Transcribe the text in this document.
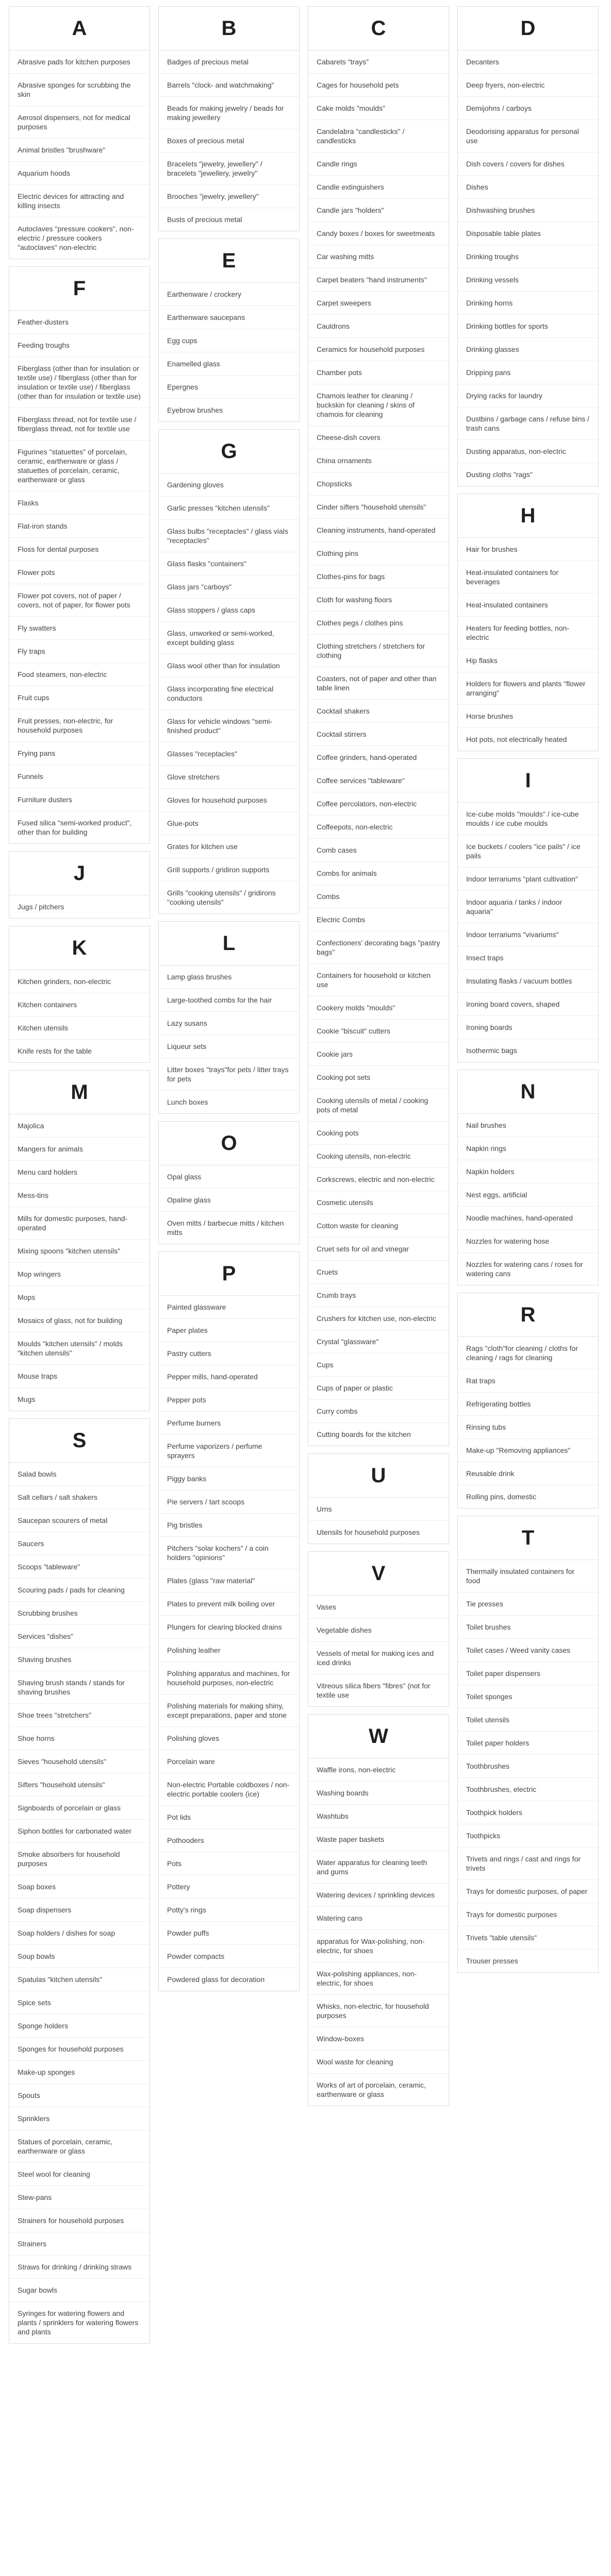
A
Abrasive pads for kitchen purposes
Abrasive sponges for scrubbing the skin
Aerosol dispensers, not for medical purposes
Animal bristles "brushware"
Aquarium hoods
Electric devices for attracting and killing insects
Autoclaves "pressure cookers", non-electric / pressure cookers "autoclaves" non-electric
F
Feather-dusters
Feeding troughs
Fiberglass (other than for insulation or textile use) / fiberglass (other than for insulation or textile use) / fiberglass (other than for insulation or textile use)
Fiberglass thread, not for textile use / fiberglass thread, not for textile use
Figurines "statuettes" of porcelain, ceramic, earthenware or glass / statuettes of porcelain, ceramic, earthenware or glass
Flasks
Flat-iron stands
Floss for dental purposes
Flower pots
Flower pot covers, not of paper / covers, not of paper, for flower pots
Fly swatters
Fly traps
Food steamers, non-electric
Fruit cups
Fruit presses, non-electric, for household purposes
Frying pans
Funnels
Furniture dusters
Fused silica "semi-worked product", other than for building
J
Jugs / pitchers
K
Kitchen grinders, non-electric
Kitchen containers
Kitchen utensils
Knife rests for the table
M
Majolica
Mangers for animals
Menu card holders
Mess-tins
Mills for domestic purposes, hand-operated
Mixing spoons "kitchen utensils"
Mop wringers
Mops
Mosaics of glass, not for building
Moulds "kitchen utensils" / molds "kitchen utensils"
Mouse traps
Mugs
S
Salad bowls
Salt cellars / salt shakers
Saucepan scourers of metal
Saucers
Scoops "tableware"
Scouring pads / pads for cleaning
Scrubbing brushes
Services "dishes"
Shaving brushes
Shaving brush stands / stands for shaving brushes
Shoe trees "stretchers"
Shoe horns
Sieves "household utensils"
Sifters "household utensils"
Signboards of porcelain or glass
Siphon bottles for carbonated water
Smoke absorbers for household purposes
Soap boxes
Soap dispensers
Soap holders / dishes for soap
Soup bowls
Spatulas "kitchen utensils"
Spice sets
Sponge holders
Sponges for household purposes
Make-up sponges
Spouts
Sprinklers
Statues of porcelain, ceramic, earthenware or glass
Steel wool for cleaning
Stew-pans
Strainers for household purposes
Strainers
Straws for drinking / drinking straws
Sugar bowls
Syringes for watering flowers and plants / sprinklers for watering flowers and plants
B
Badges of precious metal
Barrels "clock- and watchmaking"
Beads for making jewelry / beads for making jewellery
Boxes of precious metal
Bracelets "jewelry, jewellery" / bracelets "jewellery, jewelry"
Brooches "jewelry, jewellery"
Busts of precious metal
E
Earthenware / crockery
Earthenware saucepans
Egg cups
Enamelled glass
Epergnes
Eyebrow brushes
G
Gardening gloves
Garlic presses "kitchen utensils"
Glass bulbs "receptacles" / glass vials "receptacles"
Glass flasks "containers"
Glass jars "carboys"
Glass stoppers / glass caps
Glass, unworked or semi-worked, except building glass
Glass wool other than for insulation
Glass incorporating fine electrical conductors
Glass for vehicle windows "semi-finished product"
Glasses "receptacles"
Glove stretchers
Gloves for household purposes
Glue-pots
Grates for kitchen use
Grill supports / gridiron supports
Grills "cooking utensils" / gridirons "cooking utensils"
L
Lamp glass brushes
Large-toothed combs for the hair
Lazy susans
Liqueur sets
Litter boxes "trays"for pets / litter trays for pets
Lunch boxes
O
Opal glass
Opaline glass
Oven mitts / barbecue mitts / kitchen mitts
P
Painted glassware
Paper plates
Pastry cutters
Pepper mills, hand-operated
Pepper pots
Perfume burners
Perfume vaporizers / perfume sprayers
Piggy banks
Pie servers / tart scoops
Pig bristles
Pitchers "solar kochers" / a coin holders "opinions"
Plates (glass "raw material"
Plates to prevent milk boiling over
Plungers for clearing blocked drains
Polishing leather
Polishing apparatus and machines, for household purposes, non-electric
Polishing materials for making shiny, except preparations, paper and stone
Polishing gloves
Porcelain ware
Non-electric Portable coldboxes / non-electric portable coolers (ice)
Pot lids
Pothooders
Pots
Pottery
Potty's rings
Powder puffs
Powder compacts
Powdered glass for decoration
C
Cabarets "trays"
Cages for household pets
Cake molds "moulds"
Candelabra "candlesticks" / candlesticks
Candle rings
Candle extinguishers
Candle jars "holders"
Candy boxes / boxes for sweetmeats
Car washing mitts
Carpet beaters "hand instruments"
Carpet sweepers
Cauldrons
Ceramics for household purposes
Chamber pots
Chamois leather for cleaning / buckskin for cleaning / skins of chamois for cleaning
Cheese-dish covers
China ornaments
Chopsticks
Cinder sifters "household utensils"
Cleaning instruments, hand-operated
Clothing pins
Clothes-pins for bags
Cloth for washing floors
Clothes pegs / clothes pins
Clothing stretchers / stretchers for clothing
Coasters, not of paper and other than table linen
Cocktail shakers
Cocktail stirrers
Coffee grinders, hand-operated
Coffee services "tableware"
Coffee percolators, non-electric
Coffeepots, non-electric
Comb cases
Combs for animals
Combs
Electric Combs
Confectioners' decorating bags "pastry bags"
Containers for household or kitchen use
Cookery molds "moulds"
Cookie "biscuit" cutters
Cookie jars
Cooking pot sets
Cooking utensils of metal / cooking pots of metal
Cooking pots
Cooking utensils, non-electric
Corkscrews, electric and non-electric
Cosmetic utensils
Cotton waste for cleaning
Cruet sets for oil and vinegar
Cruets
Crumb trays
Crushers for kitchen use, non-electric
Crystal "glassware"
Cups
Cups of paper or plastic
Curry combs
Cutting boards for the kitchen
U
Urns
Utensils for household purposes
V
Vases
Vegetable dishes
Vessels of metal for making ices and iced drinks
Vitreous silica fibers "fibres" (not for textile use
W
Waffle irons, non-electric
Washing boards
Washtubs
Waste paper baskets
Water apparatus for cleaning teeth and gums
Watering devices / sprinkling devices
Watering cans
apparatus for Wax-polishing, non-electric, for shoes
Wax-polishing appliances, non-electric, for shoes
Whisks, non-electric, for household purposes
Window-boxes
Wool waste for cleaning
Works of art of porcelain, ceramic, earthenware or glass
D
Decanters
Deep fryers, non-electric
Demijohns / carboys
Deodorising apparatus for personal use
Dish covers / covers for dishes
Dishes
Dishwashing brushes
Disposable table plates
Drinking troughs
Drinking vessels
Drinking horns
Drinking bottles for sports
Drinking glasses
Dripping pans
Drying racks for laundry
Dustbins / garbage cans / refuse bins / trash cans
Dusting apparatus, non-electric
Dusting cloths "rags"
H
Hair for brushes
Heat-insulated containers for beverages
Heat-insulated containers
Heaters for feeding bottles, non-electric
Hip flasks
Holders for flowers and plants "flower arranging"
Horse brushes
Hot pots, not electrically heated
I
Ice-cube molds "moulds" / ice-cube moulds / ice cube moulds
Ice buckets / coolers "ice pails" / ice pails
Indoor terrariums "plant cultivation"
Indoor aquaria / tanks / indoor aquaria"
Indoor terrariums "vivariums"
Insect traps
Insulating flasks / vacuum bottles
Ironing board covers, shaped
Ironing boards
Isothermic bags
N
Nail brushes
Napkin rings
Napkin holders
Nest eggs, artificial
Noodle machines, hand-operated
Nozzles for watering hose
Nozzles for watering cans / roses for watering cans
R
Rags "cloth"for cleaning / cloths for cleaning / rags for cleaning
Rat traps
Refrigerating bottles
Rinsing tubs
Make-up "Removing appliances"
Reusable drink
Rolling pins, domestic
T
Thermally insulated containers for food
Tie presses
Toilet brushes
Toilet cases / Weed vanity cases
Toilet paper dispensers
Toilet sponges
Toilet utensils
Toilet paper holders
Toothbrushes
Toothbrushes, electric
Toothpick holders
Toothpicks
Trivets and rings / cast and rings for trivets
Trays for domestic purposes, of paper
Trays for domestic purposes
Trivets "table utensils"
Trouser presses
